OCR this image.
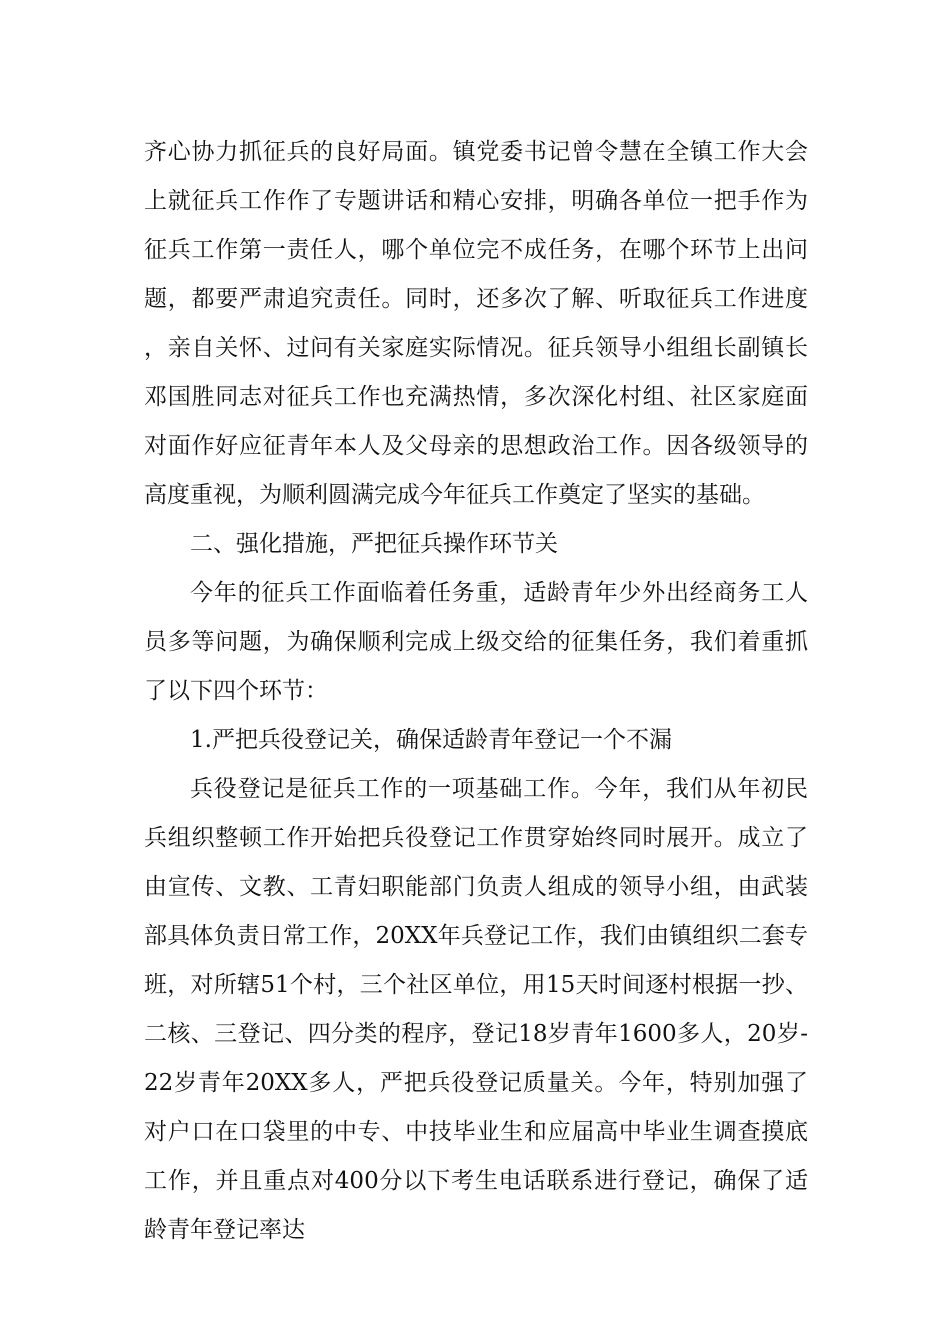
齐心协力抓征兵的良好局面。镇党委书记曾令慧在全镇工作大会上就征兵工作作了专题讲话和精心安排，明确各单位一把手作为征兵工作第一责任人，哪个单位完不成任务，在哪个环节上出问题，都要严肃追究责任。同时，还多次了解、听取征兵工作进度，亲自关怀、过问有关家庭实际情况。征兵领导小组组长副镇长邓国胜同志对征兵工作也充满热情，多次深化村组、社区家庭面对面作好应征青年本人及父母亲的思想政治工作。因各级领导的高度重视，为顺利圆满完成今年征兵工作奠定了坚实的基础。

二、强化措施，严把征兵操作环节关

今年的征兵工作面临着任务重，适龄青年少外出经商务工人员多等问题，为确保顺利完成上级交给的征集任务，我们着重抓了以下四个环节：

1.严把兵役登记关，确保适龄青年登记一个不漏

兵役登记是征兵工作的一项基础工作。今年，我们从年初民兵组织整顿工作开始把兵役登记工作贯穿始终同时展开。成立了由宣传、文教、工青妇职能部门负责人组成的领导小组，由武装部具体负责日常工作，20XX年兵登记工作，我们由镇组织二套专班，对所辖51个村，三个社区单位，用15天时间逐村根据一抄、二核、三登记、四分类的程序，登记18岁青年1600多人，20岁-22岁青年20XX多人，严把兵役登记质量关。今年，特别加强了对户口在口袋里的中专、中技毕业生和应届高中毕业生调查摸底工作，并且重点对400分以下考生电话联系进行登记，确保了适龄青年登记率达
